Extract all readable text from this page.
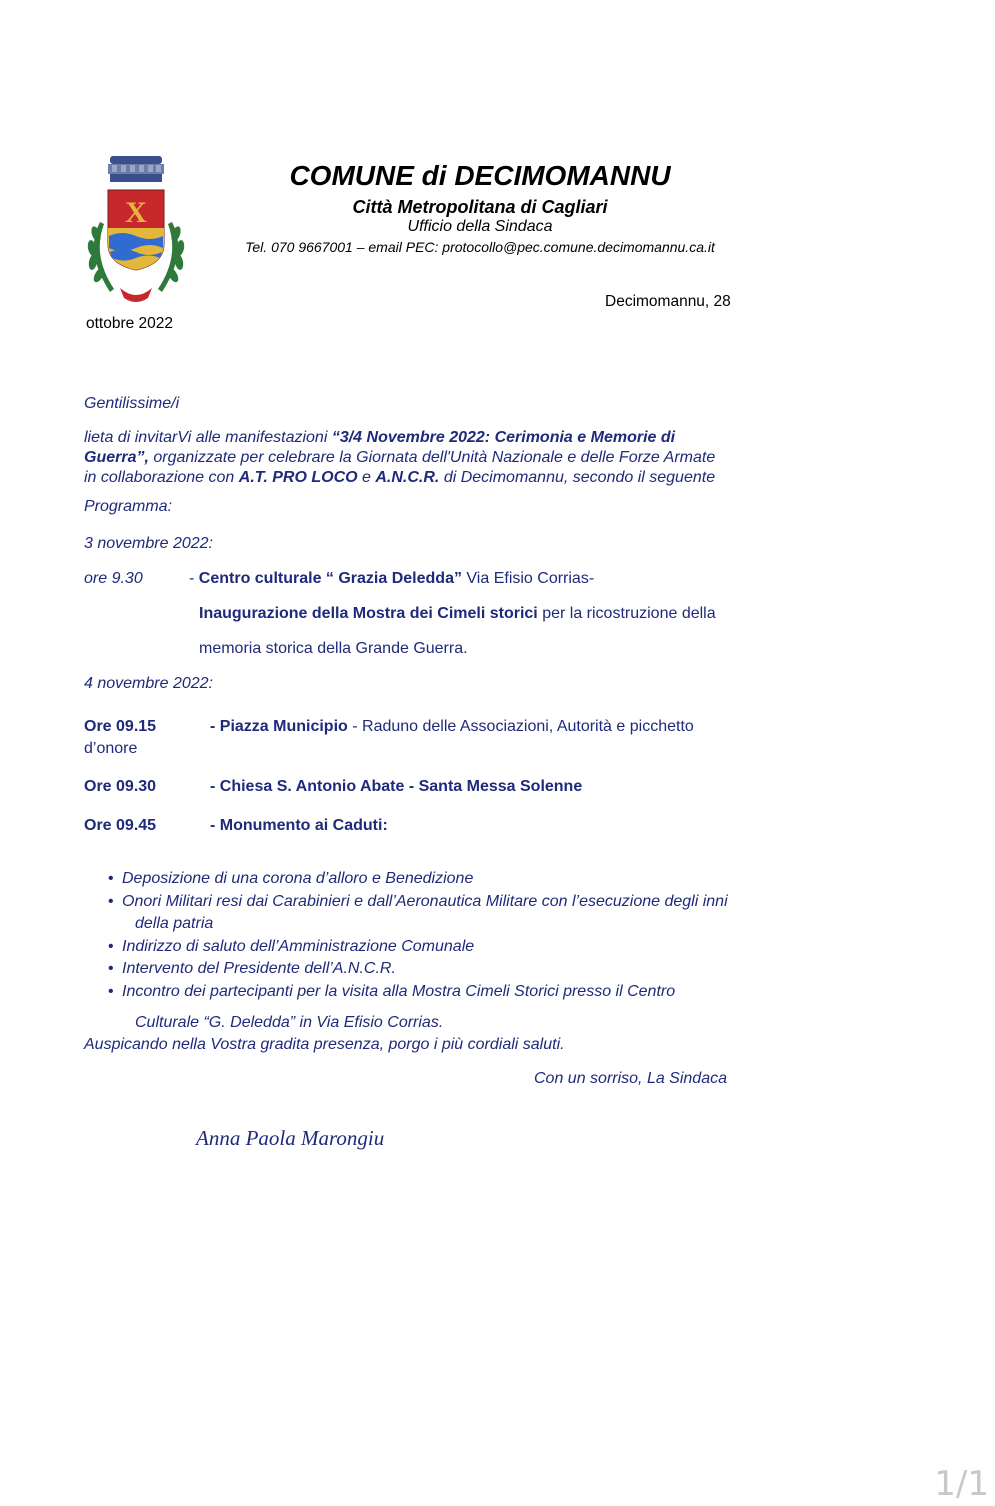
X
COMUNE di DECIMOMANNU
Città Metropolitana di Cagliari
Ufficio della Sindaca
Tel. 070 9667001 – email PEC: protocollo@pec.comune.decimomannu.ca.it
Decimomannu, 28
ottobre 2022
Gentilissime/i
lieta di invitarVi alle manifestazioni “3/4 Novembre 2022: Cerimonia e Memorie di
Guerra”, organizzate per celebrare la Giornata dell'Unità Nazionale e delle Forze Armate
in collaborazione con A.T. PRO LOCO e A.N.C.R. di Decimomannu, secondo il seguente
Programma:
3 novembre 2022:
ore 9.30	- Centro culturale “ Grazia Deledda” Via Efisio Corrias-
Inaugurazione della Mostra dei Cimeli storici per la ricostruzione della
memoria storica della Grande Guerra.
4 novembre 2022:
Ore 09.15	- Piazza Municipio - Raduno delle Associazioni, Autorità e picchetto
d’onore
Ore 09.30	- Chiesa S. Antonio Abate - Santa Messa Solenne
Ore 09.45	- Monumento ai Caduti:
• Deposizione di una corona d’alloro e Benedizione
• Onori Militari resi dai Carabinieri e dall’Aeronautica Militare con l’esecuzione degli inni
della patria
• Indirizzo di saluto dell’Amministrazione Comunale
• Intervento del Presidente dell’A.N.C.R.
• Incontro dei partecipanti per la visita alla Mostra Cimeli Storici presso il Centro
Culturale “G. Deledda” in Via Efisio Corrias.
Auspicando nella Vostra gradita presenza, porgo i più cordiali saluti.
Con un sorriso, La Sindaca
Anna Paola Marongiu
1/1
